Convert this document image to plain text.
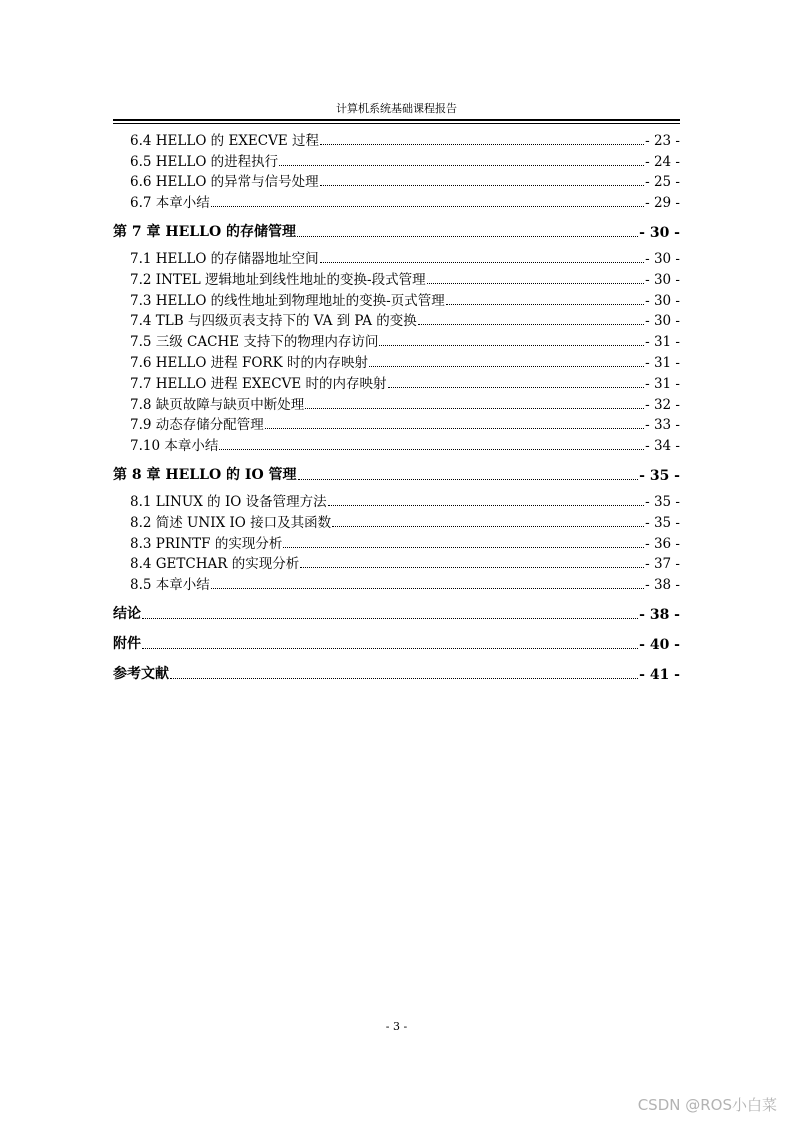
计算机系统基础课程报告
6.4 HELLO 的 EXECVE 过程	- 23 -
6.5 HELLO 的进程执行	- 24 -
6.6 HELLO 的异常与信号处理	- 25 -
6.7 本章小结	- 29 -
第 7 章 HELLO 的存储管理	- 30 -
7.1 HELLO 的存储器地址空间	- 30 -
7.2 INTEL 逻辑地址到线性地址的变换-段式管理	- 30 -
7.3 HELLO 的线性地址到物理地址的变换-页式管理	- 30 -
7.4 TLB 与四级页表支持下的 VA 到 PA 的变换	- 30 -
7.5 三级 CACHE 支持下的物理内存访问	- 31 -
7.6 HELLO 进程 FORK 时的内存映射	- 31 -
7.7 HELLO 进程 EXECVE 时的内存映射	- 31 -
7.8 缺页故障与缺页中断处理	- 32 -
7.9 动态存储分配管理	- 33 -
7.10 本章小结	- 34 -
第 8 章 HELLO 的 IO 管理	- 35 -
8.1 LINUX 的 IO 设备管理方法	- 35 -
8.2 简述 UNIX IO 接口及其函数	- 35 -
8.3 PRINTF 的实现分析	- 36 -
8.4 GETCHAR 的实现分析	- 37 -
8.5 本章小结	- 38 -
结论	- 38 -
附件	- 40 -
参考文献	- 41 -
- 3 -
CSDN @ROS小白菜
